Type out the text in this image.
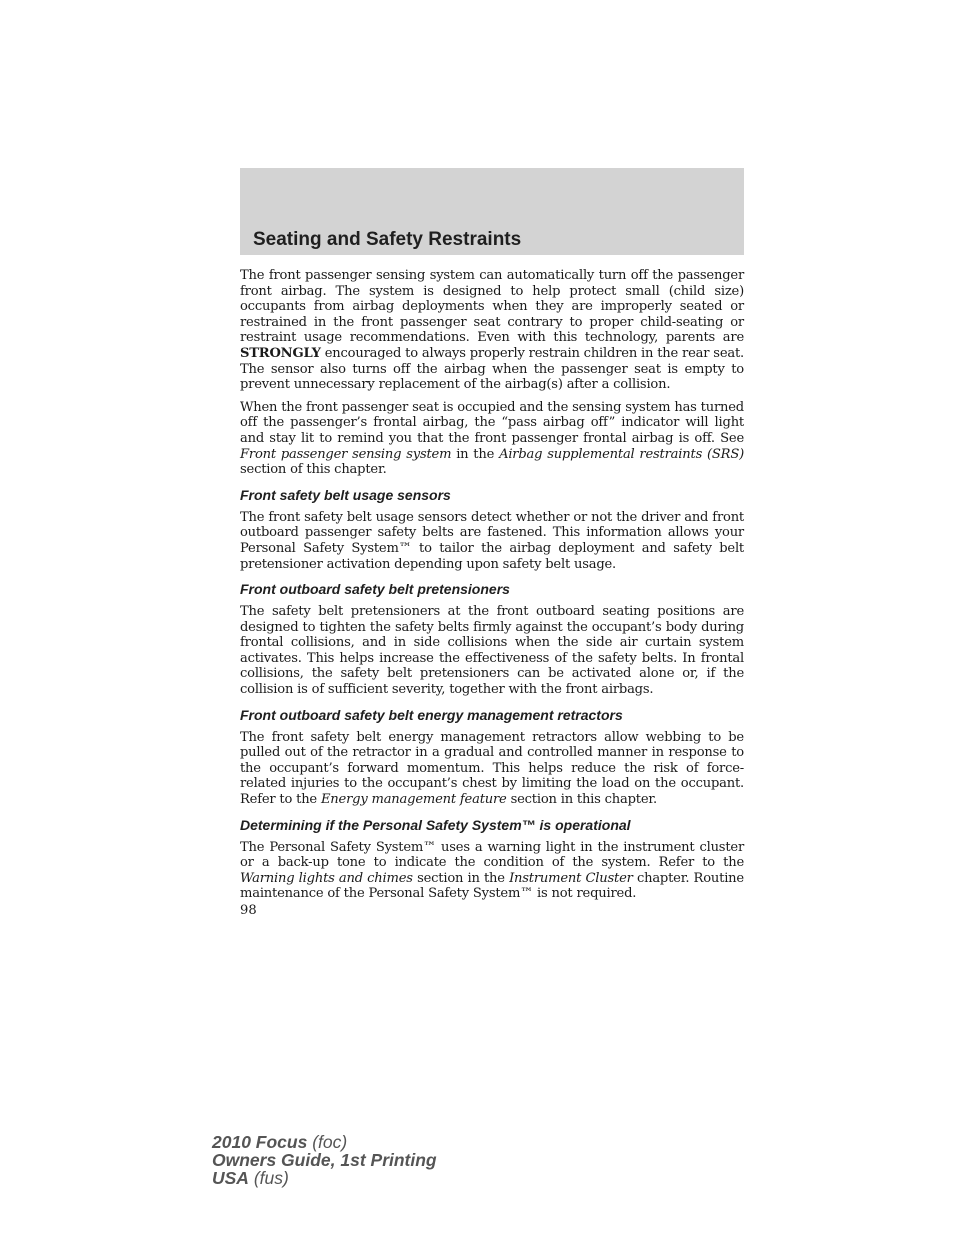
Seating and Safety Restraints

The front passenger sensing system can automatically turn off the passenger front airbag. The system is designed to help protect small (child size) occupants from airbag deployments when they are improperly seated or restrained in the front passenger seat contrary to proper child-seating or restraint usage recommendations. Even with this technology, parents are STRONGLY encouraged to always properly restrain children in the rear seat. The sensor also turns off the airbag when the passenger seat is empty to prevent unnecessary replacement of the airbag(s) after a collision.

When the front passenger seat is occupied and the sensing system has turned off the passenger’s frontal airbag, the “pass airbag off” indicator will light and stay lit to remind you that the front passenger frontal airbag is off. See Front passenger sensing system in the Airbag supplemental restraints (SRS) section of this chapter.

Front safety belt usage sensors

The front safety belt usage sensors detect whether or not the driver and front outboard passenger safety belts are fastened. This information allows your Personal Safety System™ to tailor the airbag deployment and safety belt pretensioner activation depending upon safety belt usage.

Front outboard safety belt pretensioners

The safety belt pretensioners at the front outboard seating positions are designed to tighten the safety belts firmly against the occupant’s body during frontal collisions, and in side collisions when the side air curtain system activates. This helps increase the effectiveness of the safety belts. In frontal collisions, the safety belt pretensioners can be activated alone or, if the collision is of sufficient severity, together with the front airbags.

Front outboard safety belt energy management retractors

The front safety belt energy management retractors allow webbing to be pulled out of the retractor in a gradual and controlled manner in response to the occupant’s forward momentum. This helps reduce the risk of force-related injuries to the occupant’s chest by limiting the load on the occupant. Refer to the Energy management feature section in this chapter.

Determining if the Personal Safety System™ is operational

The Personal Safety System™ uses a warning light in the instrument cluster or a back-up tone to indicate the condition of the system. Refer to the Warning lights and chimes section in the Instrument Cluster chapter. Routine maintenance of the Personal Safety System™ is not required.

98
2010 Focus (foc)
Owners Guide, 1st Printing
USA (fus)
